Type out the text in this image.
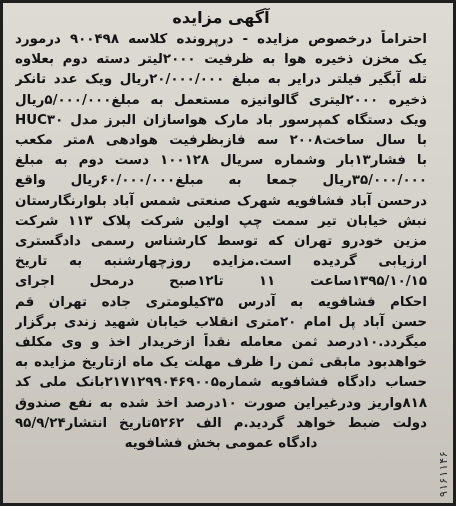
آگهی مزایده
احتراماً درخصوص مزایده - درپرونده کلاسه ۹۰۰۴۹۸ درمورد
یک مخزن ذخیره هوا به ظرفیت ۲۰۰۰لیتر دسته دوم بعلاوه
تله آبگیر فیلتر درایر به مبلغ ۲۰/۰۰۰/۰۰۰ریال ویک عدد تانکر
ذخیره ۲۰۰۰لیتری گالوانیزه مستعمل به مبلغ۵/۰۰۰/۰۰۰ریال
ویک دستگاه کمپرسور باد مارک هواسازان البرز مدل HUC۳۰
با سال ساخت۲۰۰۸ سه فازبظرفیت هوادهی ۸متر مکعب
با فشار۱۳بار وشماره سریال ۱۰۰۱۲۸ دست دوم به مبلغ
۳۵/۰۰۰/۰۰۰ریال جمعا به مبلغ۶۰/۰۰۰/۰۰۰ریال واقع
درحسن آباد فشافویه شهرک صنعتی شمس آباد بلوارنگارستان
نبش خیابان تیر سمت چپ اولین شرکت پلاک ۱۱۳ شرکت
مزین خودرو تهران که توسط کارشناس رسمی دادگستری
ارزیابی گردیده است.مزایده روزچهارشنبه به تاریخ
۱۳۹۵/۱۰/۱۵ساعت ۱۱ تا۱۲صبح درمحل اجرای
احکام فشافویه به آدرس ۳۵کیلومتری جاده تهران قم
حسن آباد پل امام ۲۰متری انقلاب خیابان شهید زندی برگزار
میگردد.۱۰درصد ثمن معامله نقداً ازخریدار اخذ و وی مکلف
خواهدبود مابقی ثمن را ظرف مهلت یک ماه ازتاریخ مزایده به
حساب دادگاه فشافویه شماره۲۱۷۱۲۹۹۰۴۶۹۰۰۵بانک ملی کد
۸۱۸واریز ودرغیراین صورت ۱۰درصد اخذ شده به نفع صندوق
دولت ضبط خواهد گردید.م الف ۵۲۶۲تاریخ انتشار۹۵/۹/۲۴
دادگاه عمومی بخش فشافویه
۹۱۶۱۱۴۶
